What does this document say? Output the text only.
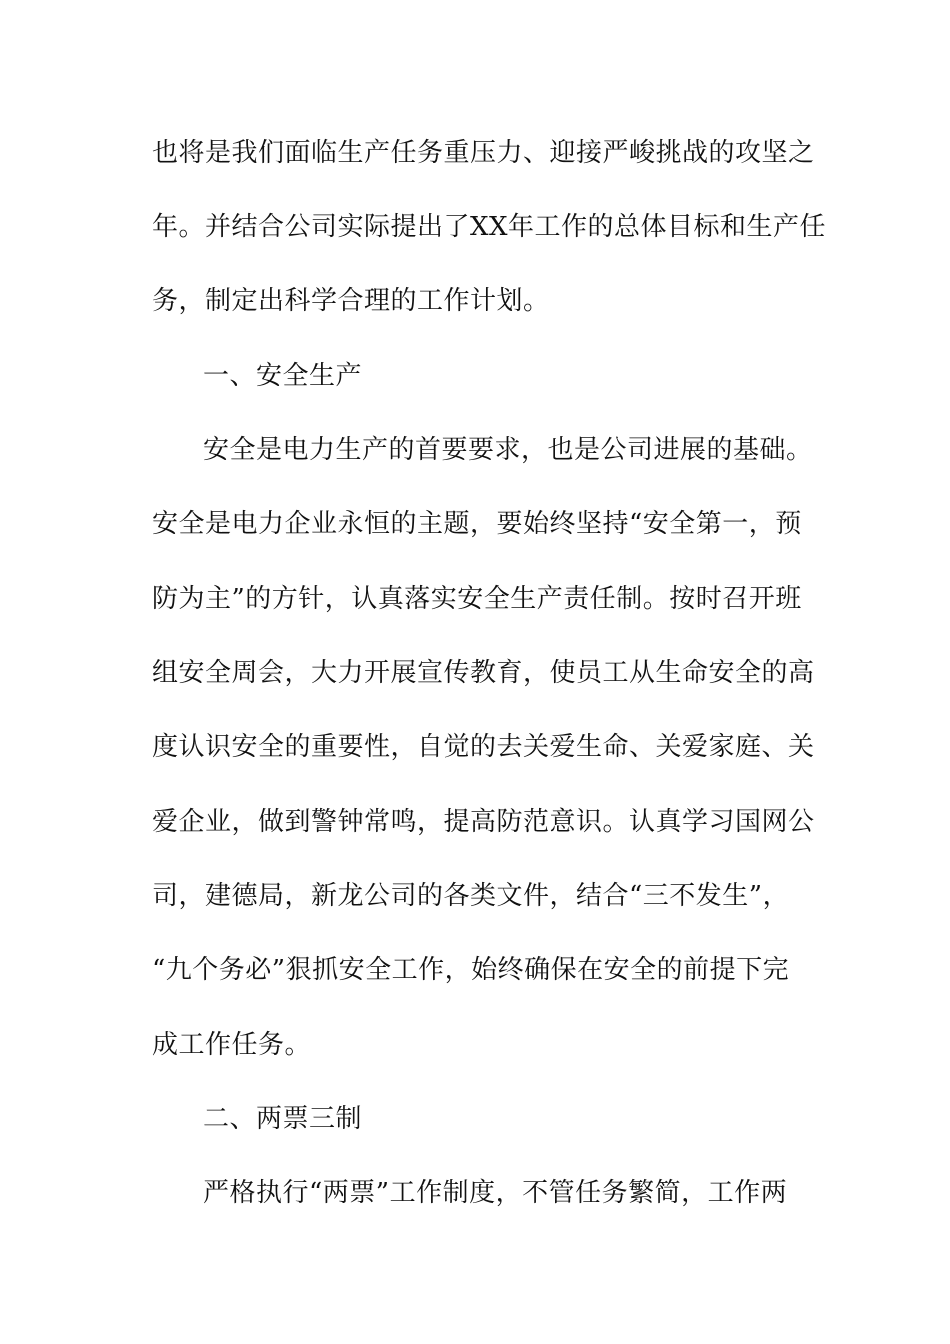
也将是我们面临生产任务重压力、迎接严峻挑战的攻坚之
年。并结合公司实际提出了XX年工作的总体目标和生产任
务，制定出科学合理的工作计划。
一、安全生产
安全是电力生产的首要要求，也是公司进展的基础。
安全是电力企业永恒的主题，要始终坚持“安全第一，预
防为主”的方针，认真落实安全生产责任制。按时召开班
组安全周会，大力开展宣传教育，使员工从生命安全的高
度认识安全的重要性，自觉的去关爱生命、关爱家庭、关
爱企业，做到警钟常鸣，提高防范意识。认真学习国网公
司，建德局，新龙公司的各类文件，结合“三不发生”，
“九个务必”狠抓安全工作，始终确保在安全的前提下完
成工作任务。
二、两票三制
严格执行“两票”工作制度，不管任务繁简，工作两
